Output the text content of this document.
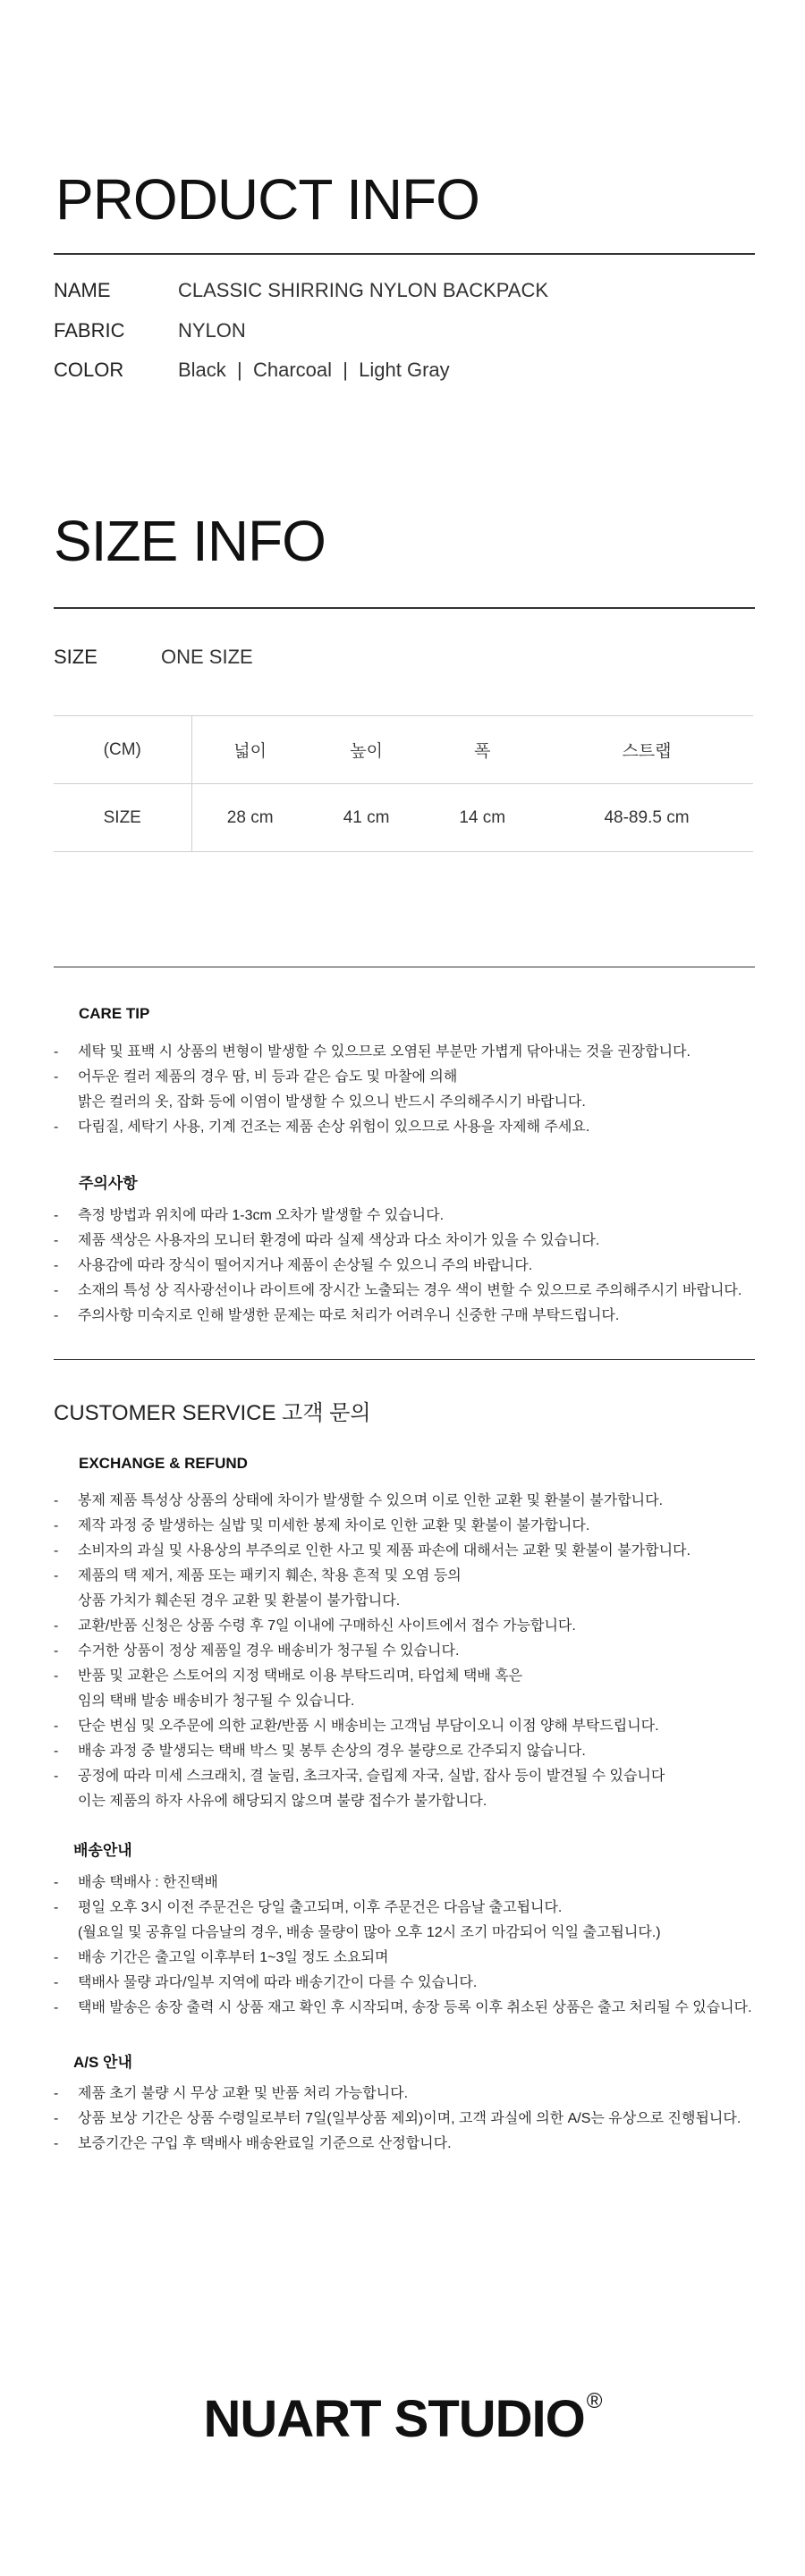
PRODUCT INFO
NAME	CLASSIC SHIRRING NYLON BACKPACK
FABRIC	NYLON
COLOR	Black  |  Charcoal  |  Light Gray
SIZE INFO
SIZE	ONE SIZE
(CM)	넓이	높이	폭	스트랩
SIZE	28 cm	41 cm	14 cm	48-89.5 cm
CARE TIP
- 세탁 및 표백 시 상품의 변형이 발생할 수 있으므로 오염된 부분만 가볍게 닦아내는 것을 권장합니다.
- 어두운 컬러 제품의 경우 땀, 비 등과 같은 습도 및 마찰에 의해
밝은 컬러의 옷, 잡화 등에 이염이 발생할 수 있으니 반드시 주의해주시기 바랍니다.
- 다림질, 세탁기 사용, 기계 건조는 제품 손상 위험이 있으므로 사용을 자제해 주세요.
주의사항
- 측정 방법과 위치에 따라 1-3cm 오차가 발생할 수 있습니다.
- 제품 색상은 사용자의 모니터 환경에 따라 실제 색상과 다소 차이가 있을 수 있습니다.
- 사용감에 따라 장식이 떨어지거나 제품이 손상될 수 있으니 주의 바랍니다.
- 소재의 특성 상 직사광선이나 라이트에 장시간 노출되는 경우 색이 변할 수 있으므로 주의해주시기 바랍니다.
- 주의사항 미숙지로 인해 발생한 문제는 따로 처리가 어려우니 신중한 구매 부탁드립니다.
CUSTOMER SERVICE 고객 문의
EXCHANGE & REFUND
- 봉제 제품 특성상 상품의 상태에 차이가 발생할 수 있으며 이로 인한 교환 및 환불이 불가합니다.
- 제작 과정 중 발생하는 실밥 및 미세한 봉제 차이로 인한 교환 및 환불이 불가합니다.
- 소비자의 과실 및 사용상의 부주의로 인한 사고 및 제품 파손에 대해서는 교환 및 환불이 불가합니다.
- 제품의 택 제거, 제품 또는 패키지 훼손, 착용 흔적 및 오염 등의
상품 가치가 훼손된 경우 교환 및 환불이 불가합니다.
- 교환/반품 신청은 상품 수령 후 7일 이내에 구매하신 사이트에서 접수 가능합니다.
- 수거한 상품이 정상 제품일 경우 배송비가 청구될 수 있습니다.
- 반품 및 교환은 스토어의 지정 택배로 이용 부탁드리며, 타업체 택배 혹은
임의 택배 발송 배송비가 청구될 수 있습니다.
- 단순 변심 및 오주문에 의한 교환/반품 시 배송비는 고객님 부담이오니 이점 양해 부탁드립니다.
- 배송 과정 중 발생되는 택배 박스 및 봉투 손상의 경우 불량으로 간주되지 않습니다.
- 공정에 따라 미세 스크래치, 결 눌림, 초크자국, 슬립제 자국, 실밥, 잡사 등이 발견될 수 있습니다
이는 제품의 하자 사유에 해당되지 않으며 불량 접수가 불가합니다.
배송안내
- 배송 택배사 : 한진택배
- 평일 오후 3시 이전 주문건은 당일 출고되며, 이후 주문건은 다음날 출고됩니다.
(월요일 및 공휴일 다음날의 경우, 배송 물량이 많아 오후 12시 조기 마감되어 익일 출고됩니다.)
- 배송 기간은 출고일 이후부터 1~3일 정도 소요되며
- 택배사 물량 과다/일부 지역에 따라 배송기간이 다를 수 있습니다.
- 택배 발송은 송장 출력 시 상품 재고 확인 후 시작되며, 송장 등록 이후 취소된 상품은 출고 처리될 수 있습니다.
A/S 안내
- 제품 초기 불량 시 무상 교환 및 반품 처리 가능합니다.
- 상품 보상 기간은 상품 수령일로부터 7일(일부상품 제외)이며, 고객 과실에 의한 A/S는 유상으로 진행됩니다.
- 보증기간은 구입 후 택배사 배송완료일 기준으로 산정합니다.
NUART STUDIO®
